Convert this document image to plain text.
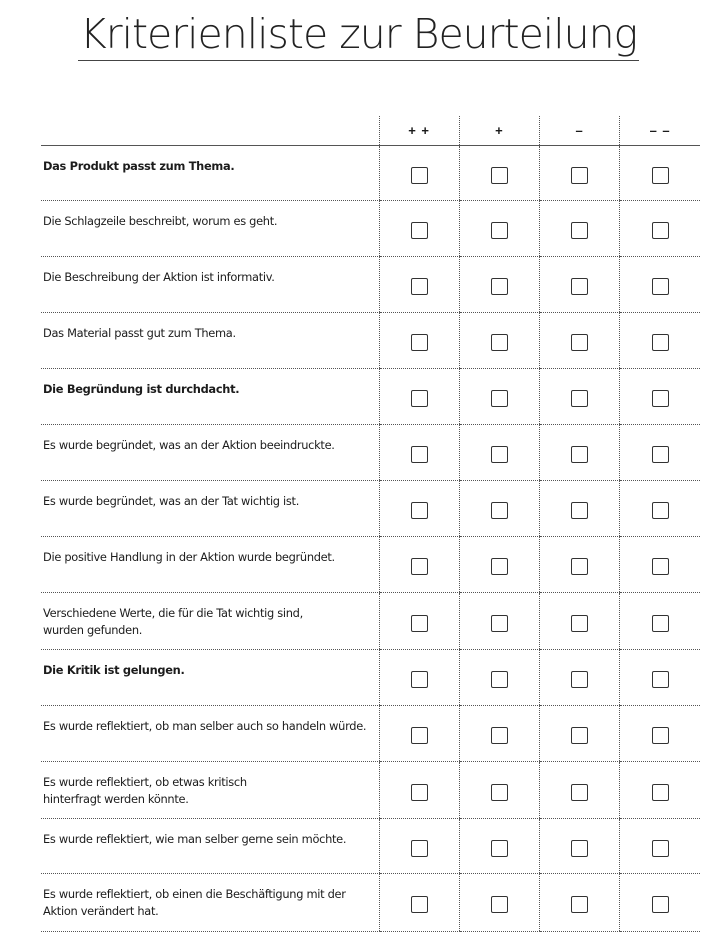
Kriterienliste zur Beurteilung
	+ +	+	–	– –

Das Produkt passt zum Thema.				

Die Schlagzeile beschreibt, worum es geht.				

Die Beschreibung der Aktion ist informativ.				

Das Material passt gut zum Thema.				

Die Begründung ist durchdacht.				

Es wurde begründet, was an der Aktion beeindruckte.				

Es wurde begründet, was an der Tat wichtig ist.				

Die positive Handlung in der Aktion wurde begründet.				

Verschiedene Werte, die für die Tat wichtig sind,
wurden gefunden.				

Die Kritik ist gelungen.				

Es wurde reflektiert, ob man selber auch so handeln würde.				

Es wurde reflektiert, ob etwas kritisch
hinterfragt werden könnte.				

Es wurde reflektiert, wie man selber gerne sein möchte.				

Es wurde reflektiert, ob einen die Beschäftigung mit der
Aktion verändert hat.				
